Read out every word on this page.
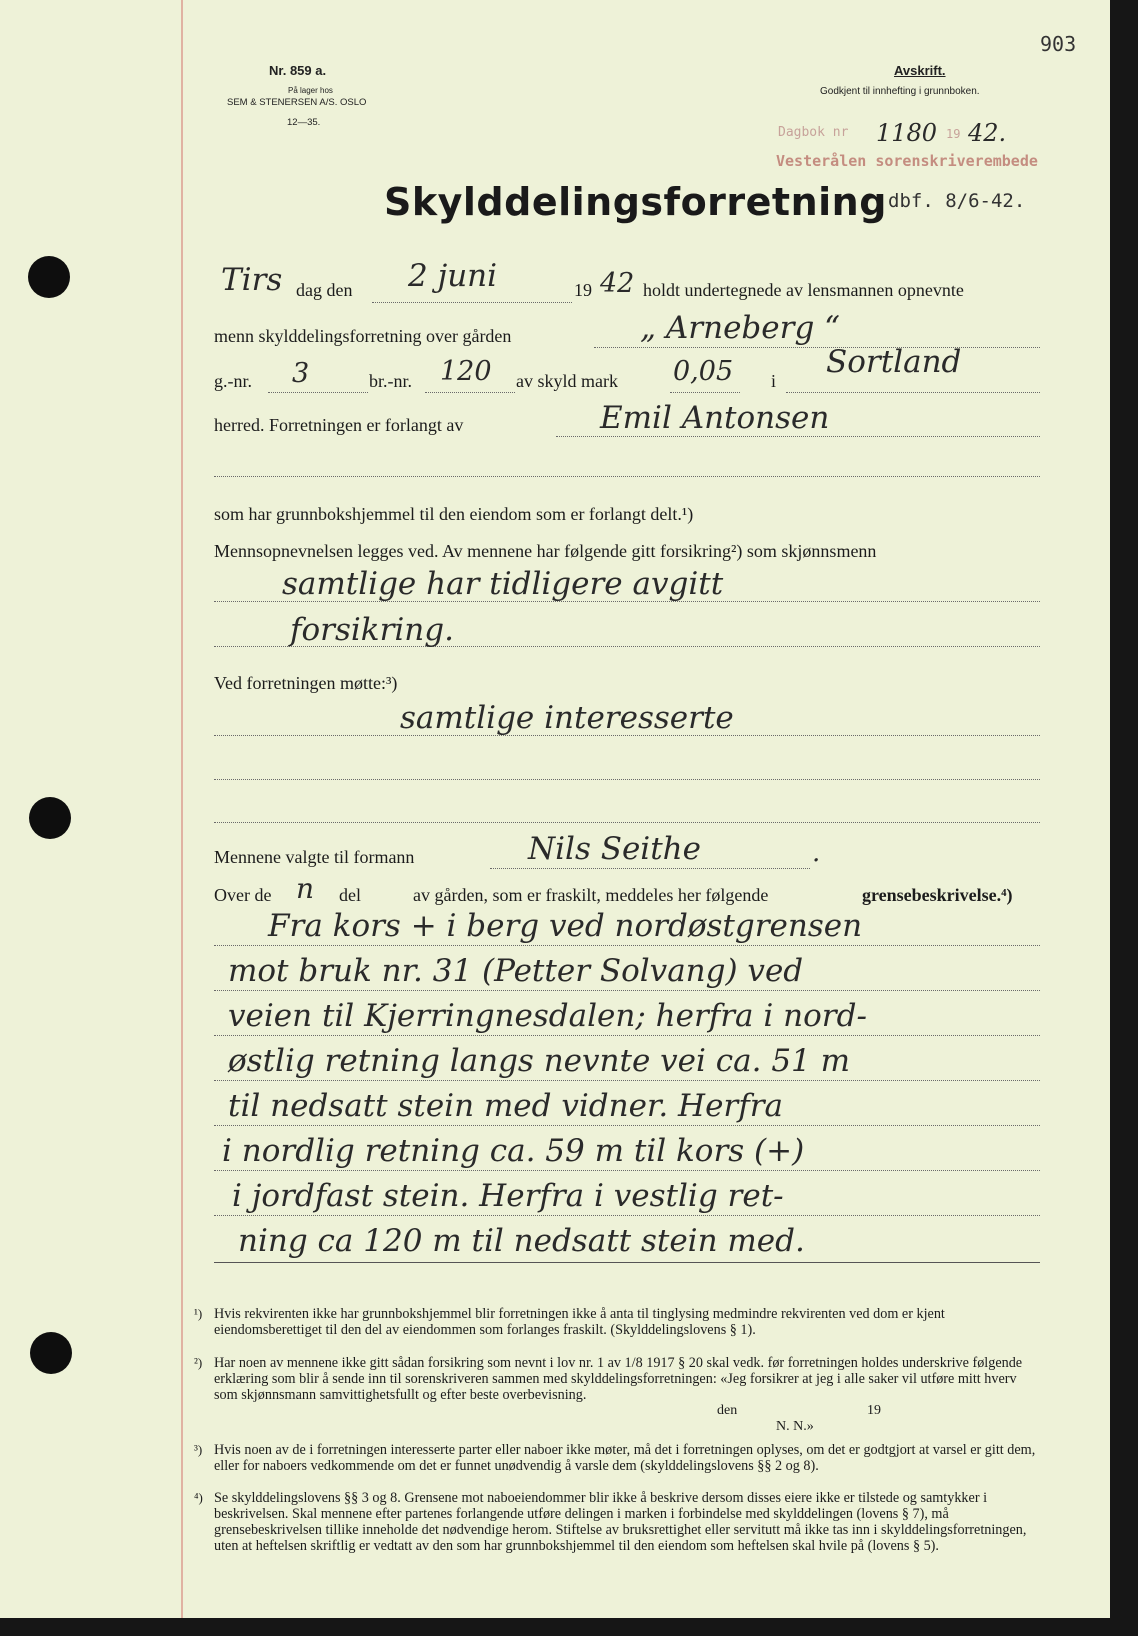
903
Nr. 859 a.
På lager hos
SEM & STENERSEN A/S. OSLO
12—35.
Avskrift.
Godkjent til innhefting i grunnboken.
Dagbok nr 1180 19 42.
Vesterålen sorenskriverembede
dbf. 8/6-42.
Skylddelingsforretning
Tirs dag den 2 juni	19 42 holdt undertegnede av lensmannen opnevnte
menn skylddelingsforretning over gården	„ Arneberg “
g.-nr. 3	br.-nr. 120 av skyld mark 0,05 i
Sortland
herred. Forretningen er forlangt av	Emil Antonsen
som har grunnbokshjemmel til den eiendom som er forlangt delt.¹)
Mennsopnevnelsen legges ved. Av mennene har følgende gitt forsikring²) som skjønnsmenn
samtlige har tidligere avgitt
forsikring.
Ved forretningen møtte:³)
samtlige interesserte
Mennene valgte til formann	Nils Seithe	.
Over de n del	av gården, som er fraskilt, meddeles her følgende	grensebeskrivelse.⁴)
Fra kors + i berg ved nordøstgrensen
mot bruk nr. 31 (Petter Solvang) ved
veien til Kjerringnesdalen; herfra i nord-
østlig retning langs nevnte vei ca. 51 m
til nedsatt stein med vidner. Herfra
i nordlig retning ca. 59 m til kors (+)
i jordfast stein. Herfra i vestlig ret-
ning ca 120 m til nedsatt stein med.
¹) Hvis rekvirenten ikke har grunnbokshjemmel blir forretningen ikke å anta til tinglysing medmindre rekvirenten ved dom er kjent eiendomsberettiget til den del av eiendommen som forlanges fraskilt. (Skylddelingslovens § 1).

²) Har noen av mennene ikke gitt sådan forsikring som nevnt i lov nr. 1 av 1/8 1917 § 20 skal vedk. før forretningen holdes underskrive følgende erklæring som blir å sende inn til sorenskriveren sammen med skylddelingsforretningen: «Jeg forsikrer at jeg i alle saker vil utføre mitt hverv som skjønnsmann samvittighetsfullt og efter beste overbevisning.

den	19
N. N.»
³) Hvis noen av de i forretningen interesserte parter eller naboer ikke møter, må det i forretningen oplyses, om det er godtgjort at varsel er gitt dem, eller for naboers vedkommende om det er funnet unødvendig å varsle dem (skylddelingslovens §§ 2 og 8).

⁴) Se skylddelingslovens §§ 3 og 8. Grensene mot naboeiendommer blir ikke å beskrive dersom disses eiere ikke er tilstede og samtykker i beskrivelsen. Skal mennene efter partenes forlangende utføre delingen i marken i forbindelse med skylddelingen (lovens § 7), må grensebeskrivelsen tillike inneholde det nødvendige herom. Stiftelse av bruksrettighet eller servitutt må ikke tas inn i skylddelingsforretningen, uten at heftelsen skriftlig er vedtatt av den som har grunnbokshjemmel til den eiendom som heftelsen skal hvile på (lovens § 5).
